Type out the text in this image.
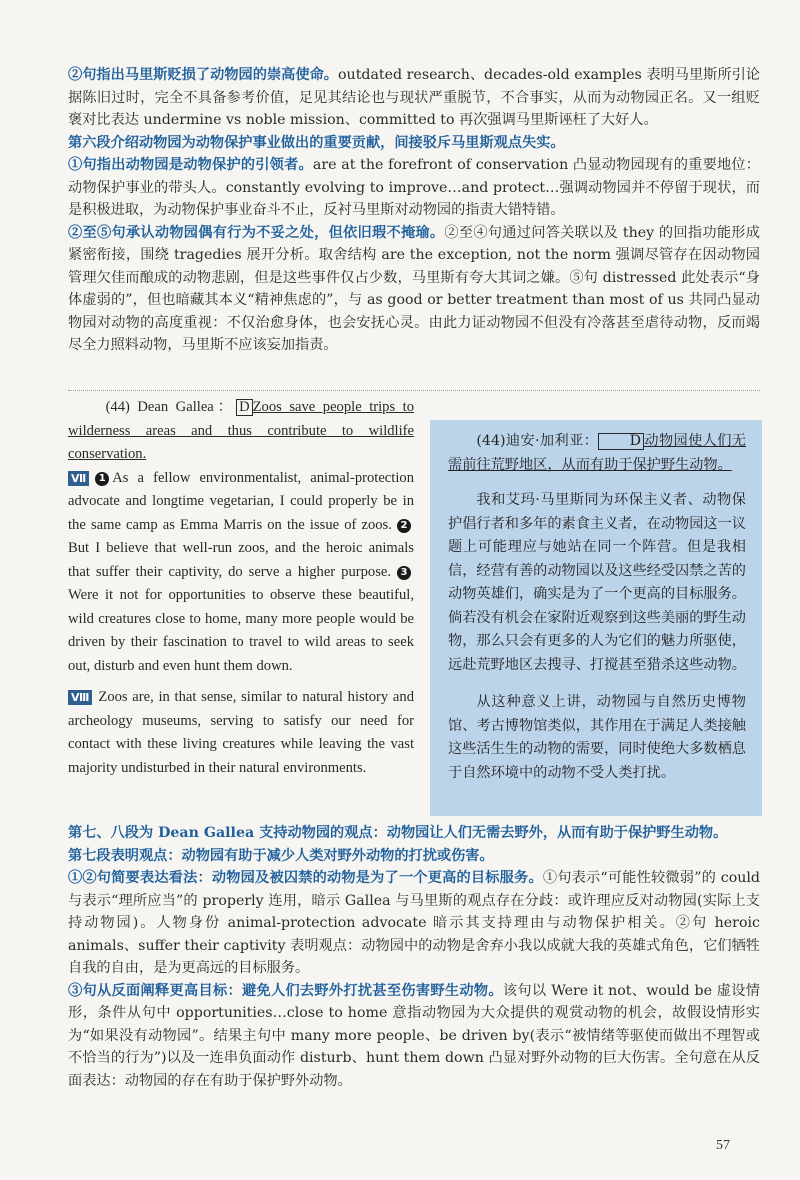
②句指出马里斯贬损了动物园的崇高使命。outdated research、decades-old examples 表明马里斯所引论据陈旧过时，完全不具备参考价值，足见其结论也与现状严重脱节，不合事实，从而为动物园正名。又一组贬褒对比表达 undermine vs noble mission、committed to 再次强调马里斯诬枉了大好人。

第六段介绍动物园为动物保护事业做出的重要贡献，间接驳斥马里斯观点失实。

①句指出动物园是动物保护的引领者。are at the forefront of conservation 凸显动物园现有的重要地位：动物保护事业的带头人。constantly evolving to improve…and protect…强调动物园并不停留于现状，而是积极进取，为动物保护事业奋斗不止，反衬马里斯对动物园的指责大错特错。

②至⑤句承认动物园偶有行为不妥之处，但依旧瑕不掩瑜。②至④句通过问答关联以及 they 的回指功能形成紧密衔接，围绕 tragedies 展开分析。取舍结构 are the exception, not the norm 强调尽管存在因动物园管理欠佳而酿成的动物悲剧，但是这些事件仅占少数，马里斯有夸大其词之嫌。⑤句 distressed 此处表示“身体虚弱的”，但也暗藏其本义“精神焦虑的”，与 as good or better treatment than most of us 共同凸显动物园对动物的高度重视：不仅治愈身体，也会安抚心灵。由此力证动物园不但没有冷落甚至虐待动物，反而竭尽全力照料动物，马里斯不应该妄加指责。

(44) Dean Gallea： D Zoos save people trips to wilderness areas and thus contribute to wildlife conservation.

Ⅶ 1 As a fellow environmentalist, animal-protection advocate and longtime vegetarian, I could properly be in the same camp as Emma Marris on the issue of zoos. 2But I believe that well-run zoos, and the heroic animals that suffer their captivity, do serve a higher purpose. 3Were it not for opportunities to observe these beautiful, wild creatures close to home, many more people would be driven by their fascination to travel to wild areas to seek out, disturb and even hunt them down.

Ⅷ Zoos are, in that sense, similar to natural history and archeology museums, serving to satisfy our need for contact with these living creatures while leaving the vast majority undisturbed in their natural environments.

(44)迪安·加利亚： D 动物园使人们无需前往荒野地区，从而有助于保护野生动物。

我和艾玛·马里斯同为环保主义者、动物保护倡行者和多年的素食主义者，在动物园这一议题上可能理应与她站在同一个阵营。但是我相信，经营有善的动物园以及这些经受囚禁之苦的动物英雄们，确实是为了一个更高的目标服务。倘若没有机会在家附近观察到这些美丽的野生动物，那么只会有更多的人为它们的魅力所驱使，远赴荒野地区去搜寻、打搅甚至猎杀这些动物。

从这种意义上讲，动物园与自然历史博物馆、考古博物馆类似，其作用在于满足人类接触这些活生生的动物的需要，同时使绝大多数栖息于自然环境中的动物不受人类打扰。

第七、八段为 Dean Gallea 支持动物园的观点：动物园让人们无需去野外，从而有助于保护野生动物。

第七段表明观点：动物园有助于减少人类对野外动物的打扰或伤害。

①②句简要表达看法：动物园及被囚禁的动物是为了一个更高的目标服务。①句表示“可能性较微弱”的 could 与表示“理所应当”的 properly 连用，暗示 Gallea 与马里斯的观点存在分歧：或许理应反对动物园(实际上支持动物园)。人物身份 animal-protection advocate 暗示其支持理由与动物保护相关。②句 heroic animals、suffer their captivity 表明观点：动物园中的动物是舍弃小我以成就大我的英雄式角色，它们牺牲自我的自由，是为更高远的目标服务。

③句从反面阐释更高目标：避免人们去野外打扰甚至伤害野生动物。该句以 Were it not、would be 虚设情形，条件从句中 opportunities…close to home 意指动物园为大众提供的观赏动物的机会，故假设情形实为“如果没有动物园”。结果主句中 many more people、be driven by(表示“被情绪等驱使而做出不理智或不恰当的行为”)以及一连串负面动作 disturb、hunt them down 凸显对野外动物的巨大伤害。全句意在从反面表达：动物园的存在有助于保护野外动物。

57
